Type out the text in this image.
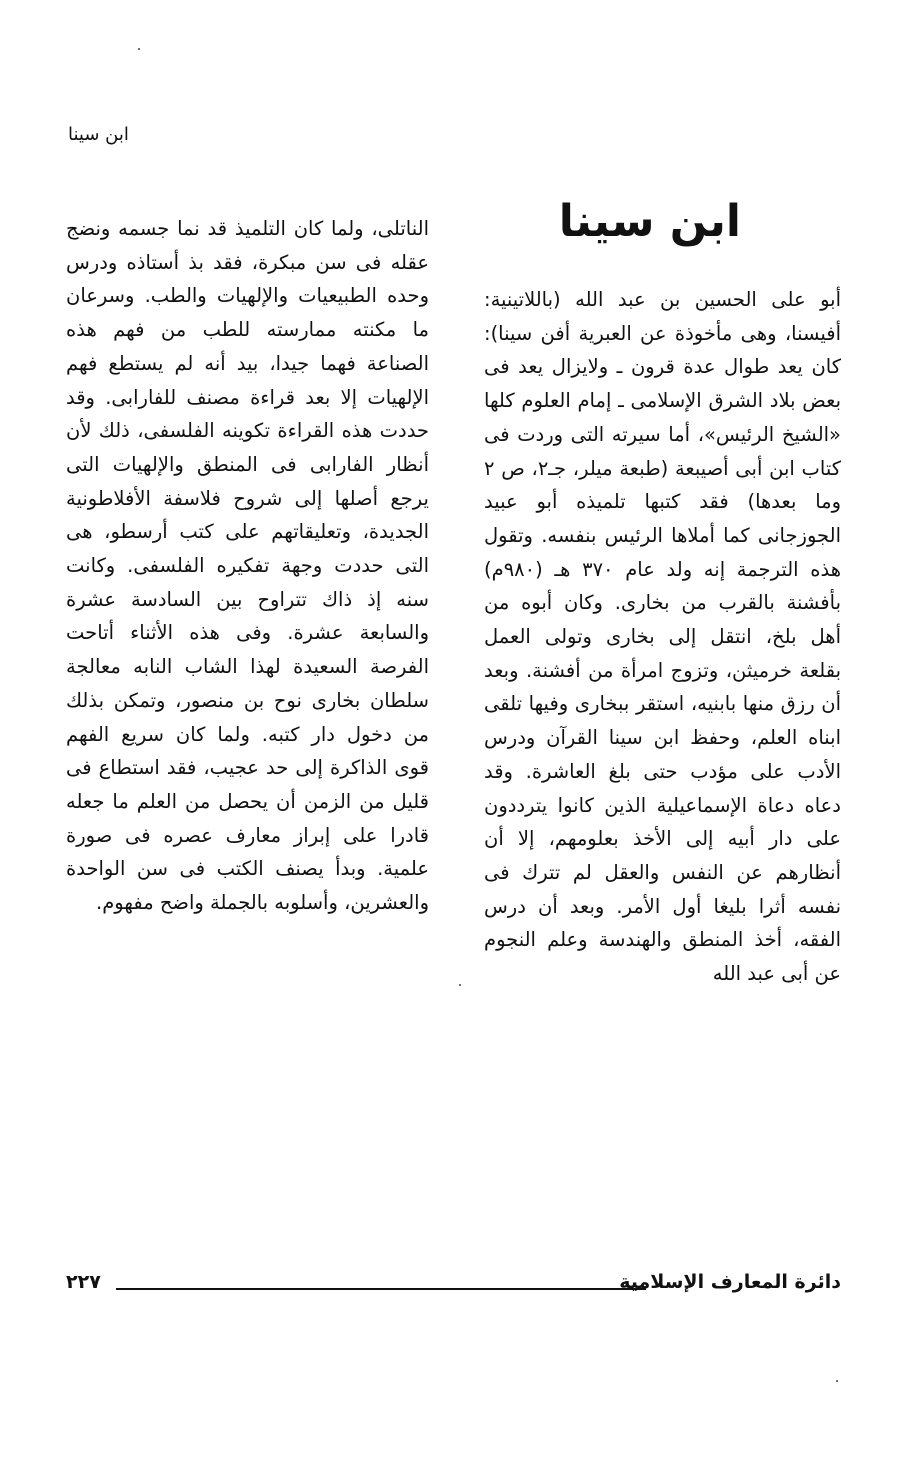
ابن سينا
ابن سينا

أبو على الحسين بن عبد الله (باللاتينية: أفيسنا، وهى مأخوذة عن العبرية أفن سينا): كان يعد طوال عدة قرون ـ ولايزال يعد فى بعض بلاد الشرق الإسلامى ـ إمام العلوم كلها «الشيخ الرئيس»، أما سيرته التى وردت فى كتاب ابن أبى أصيبعة (طبعة ميلر، جـ٢، ص ٢ وما بعدها) فقد كتبها تلميذه أبو عبيد الجوزجانى كما أملاها الرئيس بنفسه. وتقول هذه الترجمة إنه ولد عام ٣٧٠ هـ (٩٨٠م) بأفشنة بالقرب من بخارى. وكان أبوه من أهل بلخ، انتقل إلى بخارى وتولى العمل بقلعة خرميثن، وتزوج امرأة من أفشنة. وبعد أن رزق منها بابنيه، استقر ببخارى وفيها تلقى ابناه العلم، وحفظ ابن سينا القرآن ودرس الأدب على مؤدب حتى بلغ العاشرة. وقد دعاه دعاة الإسماعيلية الذين كانوا يترددون على دار أبيه إلى الأخذ بعلومهم، إلا أن أنظارهم عن النفس والعقل لم تترك فى نفسه أثرا بليغا أول الأمر. وبعد أن درس الفقه، أخذ المنطق والهندسة وعلم النجوم عن أبى عبد الله

الناتلى، ولما كان التلميذ قد نما جسمه ونضج عقله فى سن مبكرة، فقد بذ أستاذه ودرس وحده الطبيعيات والإلهيات والطب. وسرعان ما مكنته ممارسته للطب من فهم هذه الصناعة فهما جيدا، بيد أنه لم يستطع فهم الإلهيات إلا بعد قراءة مصنف للفارابى. وقد حددت هذه القراءة تكوينه الفلسفى، ذلك لأن أنظار الفارابى فى المنطق والإلهيات التى يرجع أصلها إلى شروح فلاسفة الأفلاطونية الجديدة، وتعليقاتهم على كتب أرسطو، هى التى حددت وجهة تفكيره الفلسفى. وكانت سنه إذ ذاك تتراوح بين السادسة عشرة والسابعة عشرة. وفى هذه الأثناء أتاحت الفرصة السعيدة لهذا الشاب النابه معالجة سلطان بخارى نوح بن منصور، وتمكن بذلك من دخول دار كتبه. ولما كان سريع الفهم قوى الذاكرة إلى حد عجيب، فقد استطاع فى قليل من الزمن أن يحصل من العلم ما جعله قادرا على إبراز معارف عصره فى صورة علمية. وبدأ يصنف الكتب فى سن الواحدة والعشرين، وأسلوبه بالجملة واضح مفهوم.

دائرة المعارف الإسلامية
٢٢٧
